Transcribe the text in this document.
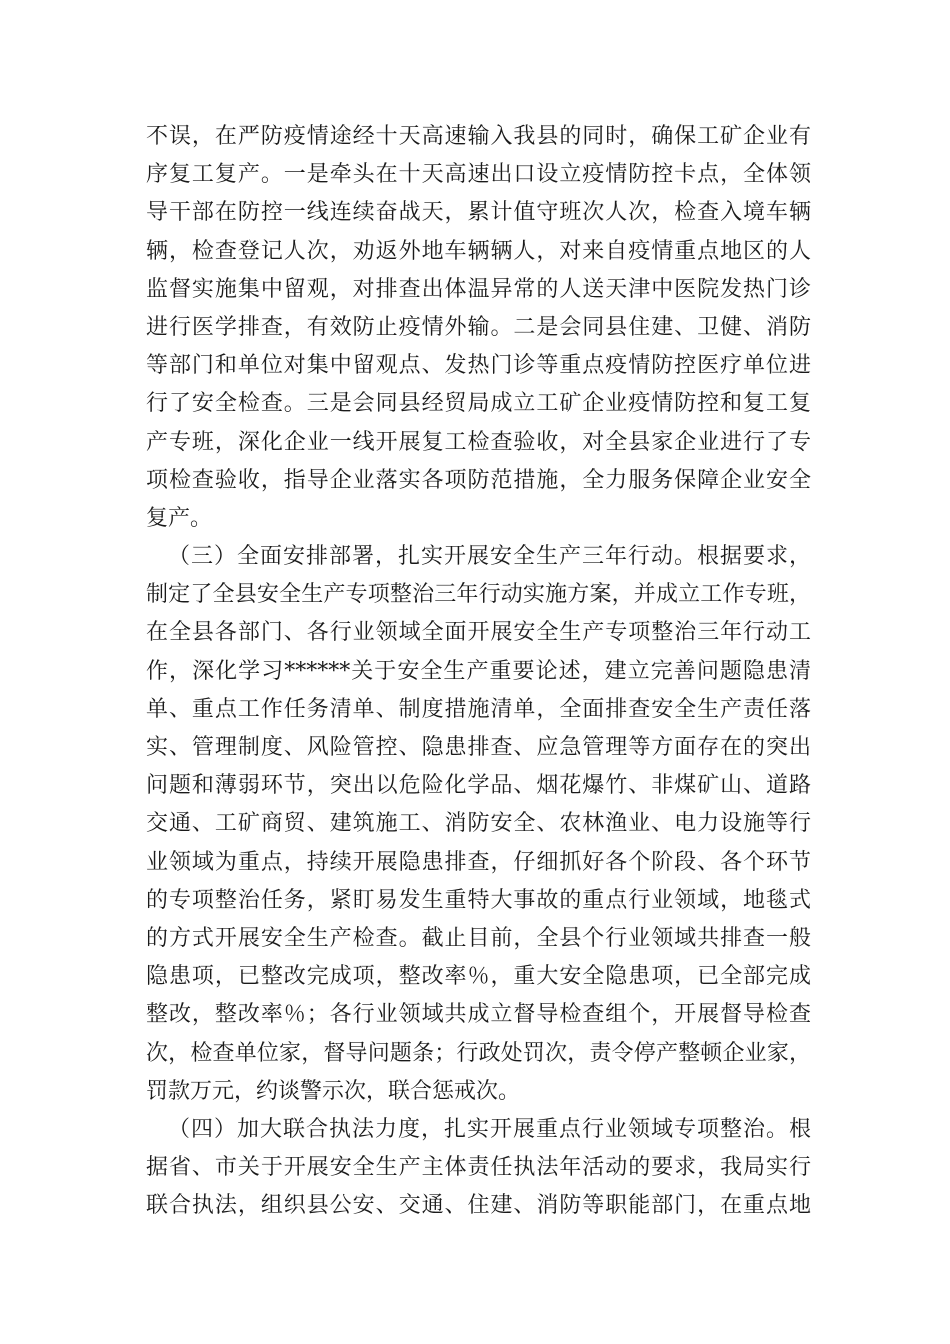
不误，在严防疫情途经十天高速输入我县的同时，确保工矿企业有
序复工复产。一是牵头在十天高速出口设立疫情防控卡点，全体领
导干部在防控一线连续奋战天，累计值守班次人次，检查入境车辆
辆，检查登记人次，劝返外地车辆辆人，对来自疫情重点地区的人
监督实施集中留观，对排查出体温异常的人送天津中医院发热门诊
进行医学排查，有效防止疫情外输。二是会同县住建、卫健、消防
等部门和单位对集中留观点、发热门诊等重点疫情防控医疗单位进
行了安全检查。三是会同县经贸局成立工矿企业疫情防控和复工复
产专班，深化企业一线开展复工检查验收，对全县家企业进行了专
项检查验收，指导企业落实各项防范措施，全力服务保障企业安全
复产。
（三）全面安排部署，扎实开展安全生产三年行动。根据要求，
制定了全县安全生产专项整治三年行动实施方案，并成立工作专班，
在全县各部门、各行业领域全面开展安全生产专项整治三年行动工
作，深化学习******关于安全生产重要论述，建立完善问题隐患清
单、重点工作任务清单、制度措施清单，全面排查安全生产责任落
实、管理制度、风险管控、隐患排查、应急管理等方面存在的突出
问题和薄弱环节，突出以危险化学品、烟花爆竹、非煤矿山、道路
交通、工矿商贸、建筑施工、消防安全、农林渔业、电力设施等行
业领域为重点，持续开展隐患排查，仔细抓好各个阶段、各个环节
的专项整治任务，紧盯易发生重特大事故的重点行业领域，地毯式
的方式开展安全生产检查。截止目前，全县个行业领域共排查一般
隐患项，已整改完成项，整改率％，重大安全隐患项，已全部完成
整改，整改率％；各行业领域共成立督导检查组个，开展督导检查
次，检查单位家，督导问题条；行政处罚次，责令停产整顿企业家，
罚款万元，约谈警示次，联合惩戒次。
（四）加大联合执法力度，扎实开展重点行业领域专项整治。根
据省、市关于开展安全生产主体责任执法年活动的要求，我局实行
联合执法，组织县公安、交通、住建、消防等职能部门，在重点地
